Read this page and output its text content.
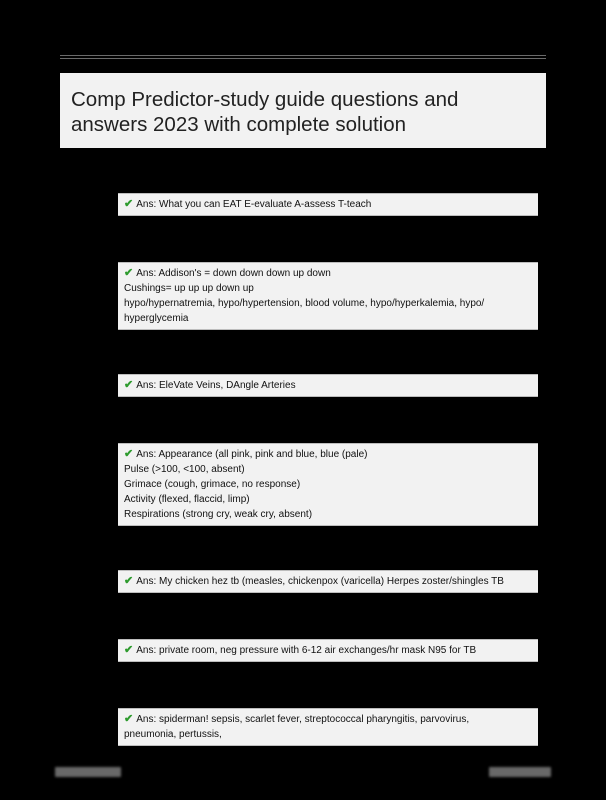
Comp Predictor-study guide questions and
answers 2023 with complete solution
✔ Ans: What you can EAT E-evaluate A-assess T-teach
✔ Ans: Addison's = down down down up down
Cushings= up up up down up
hypo/hypernatremia, hypo/hypertension, blood volume, hypo/hyperkalemia, hypo/
hyperglycemia
✔ Ans: EleVate Veins, DAngle Arteries
✔ Ans: Appearance (all pink, pink and blue, blue (pale)
Pulse (>100, <100, absent)
Grimace (cough, grimace, no response)
Activity (flexed, flaccid, limp)
Respirations (strong cry, weak cry, absent)
✔ Ans: My chicken hez tb (measles, chickenpox (varicella) Herpes zoster/shingles TB
✔ Ans: private room, neg pressure with 6-12 air exchanges/hr mask N95 for TB
✔ Ans: spiderman! sepsis, scarlet fever, streptococcal pharyngitis, parvovirus,
pneumonia, pertussis,
